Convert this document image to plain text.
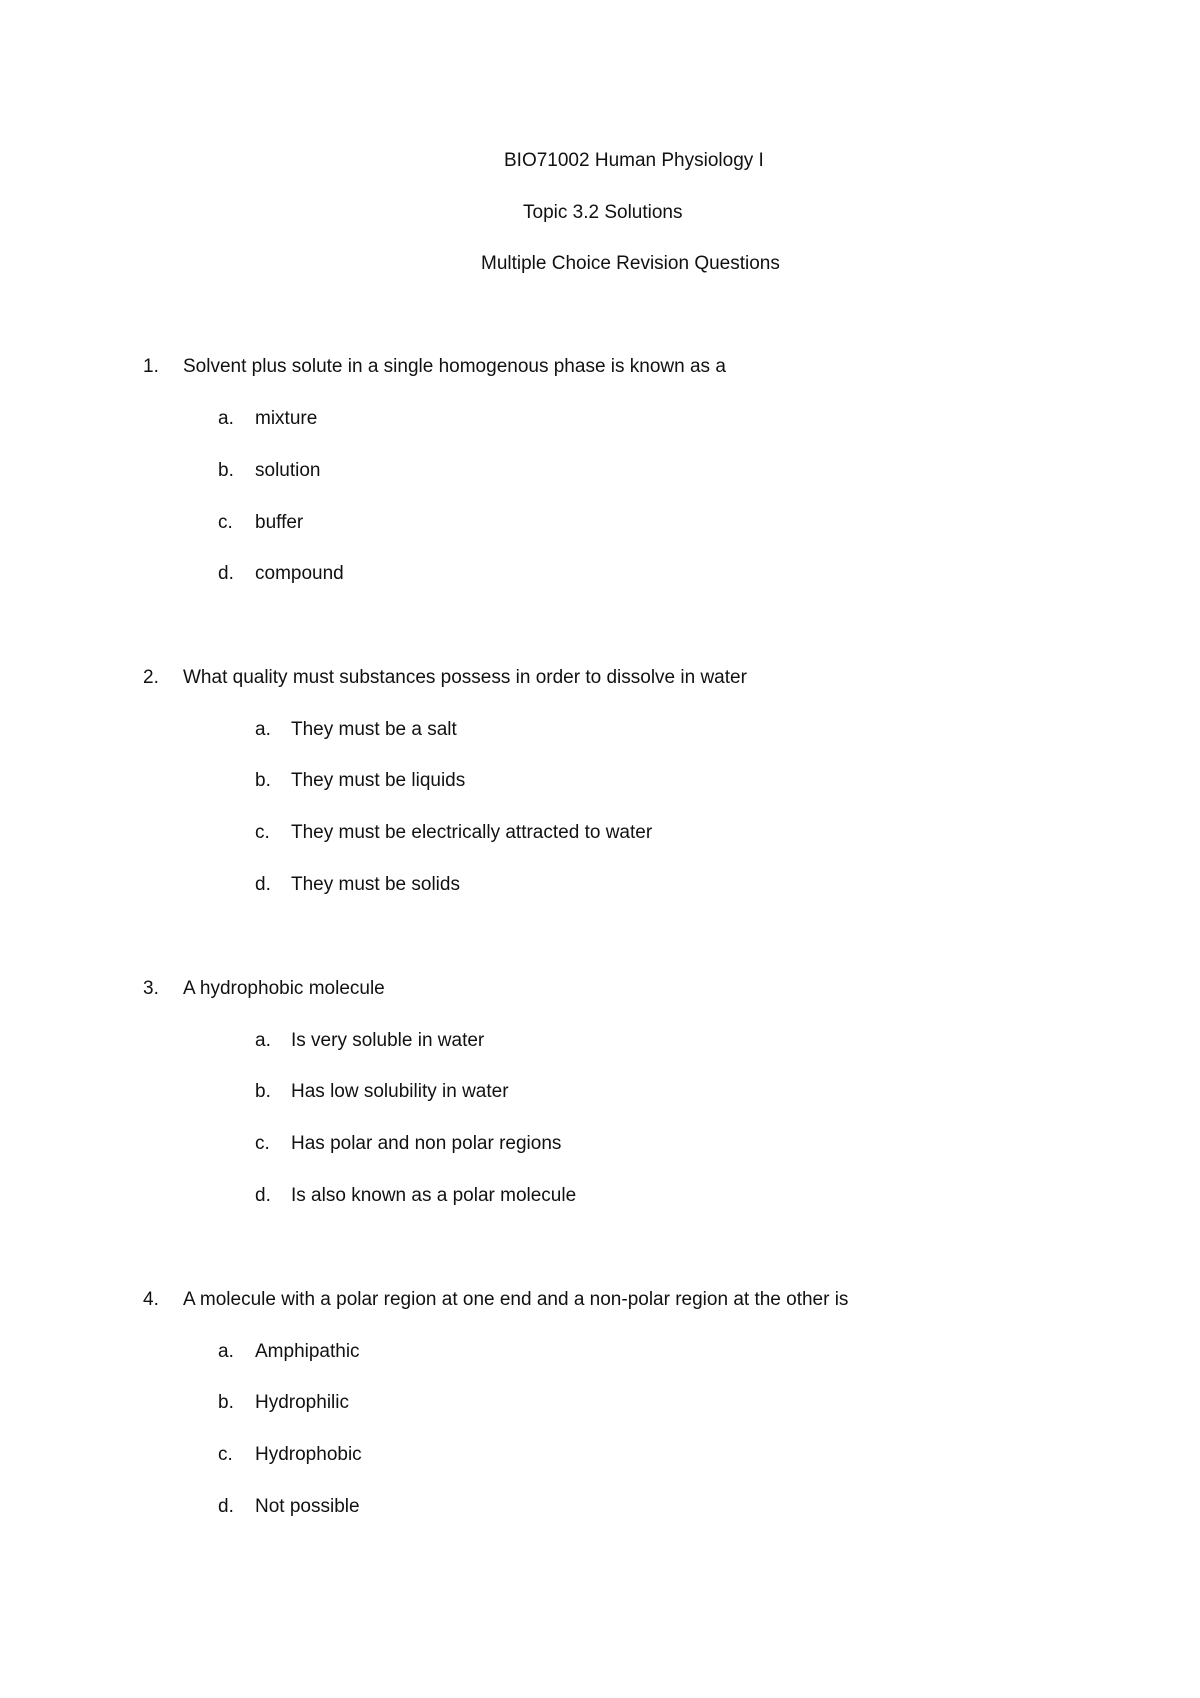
BIO71002 Human Physiology I
Topic 3.2 Solutions
Multiple Choice Revision Questions
1. Solvent plus solute in a single homogenous phase is known as a
a. mixture
b. solution
c. buffer
d. compound
2. What quality must substances possess in order to dissolve in water
a. They must be a salt
b. They must be liquids
c. They must be electrically attracted to water
d. They must be solids
3. A hydrophobic molecule
a. Is very soluble in water
b. Has low solubility in water
c. Has polar and non polar regions
d. Is also known as a polar molecule
4. A molecule with a polar region at one end and a non-polar region at the other is
a. Amphipathic
b. Hydrophilic
c. Hydrophobic
d. Not possible
